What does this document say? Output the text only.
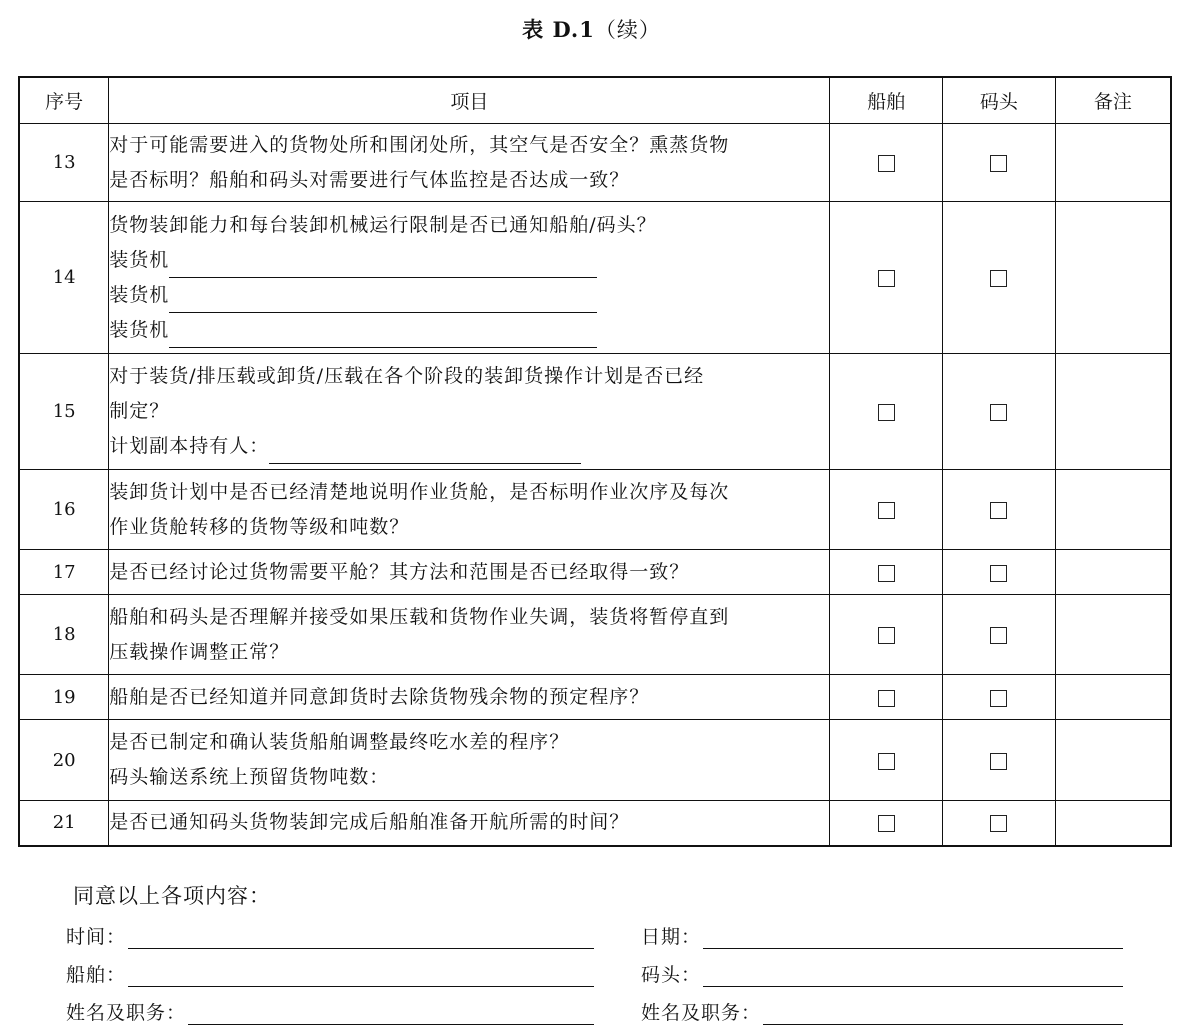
表 D.1（续）
序号	项目	船舶	码头	备注
13	对于可能需要进入的货物处所和围闭处所，其空气是否安全？熏蒸货物
是否标明？船舶和码头对需要进行气体监控是否达成一致？			

14	货物装卸能力和每台装卸机械运行限制是否已通知船舶/码头？
装货机
装货机
装货机			

15	对于装货/排压载或卸货/压载在各个阶段的装卸货操作计划是否已经
制定？
计划副本持有人：			

16	装卸货计划中是否已经清楚地说明作业货舱，是否标明作业次序及每次
作业货舱转移的货物等级和吨数？			

17	是否已经讨论过货物需要平舱？其方法和范围是否已经取得一致？			

18	船舶和码头是否理解并接受如果压载和货物作业失调，装货将暂停直到
压载操作调整正常？			

19	船舶是否已经知道并同意卸货时去除货物残余物的预定程序？			

20	是否已制定和确认装货船舶调整最终吃水差的程序？
码头输送系统上预留货物吨数：			

21	是否已通知码头货物装卸完成后船舶准备开航所需的时间？			

同意以上各项内容：
时间：	日期：
船舶：	码头：
姓名及职务：	姓名及职务：
